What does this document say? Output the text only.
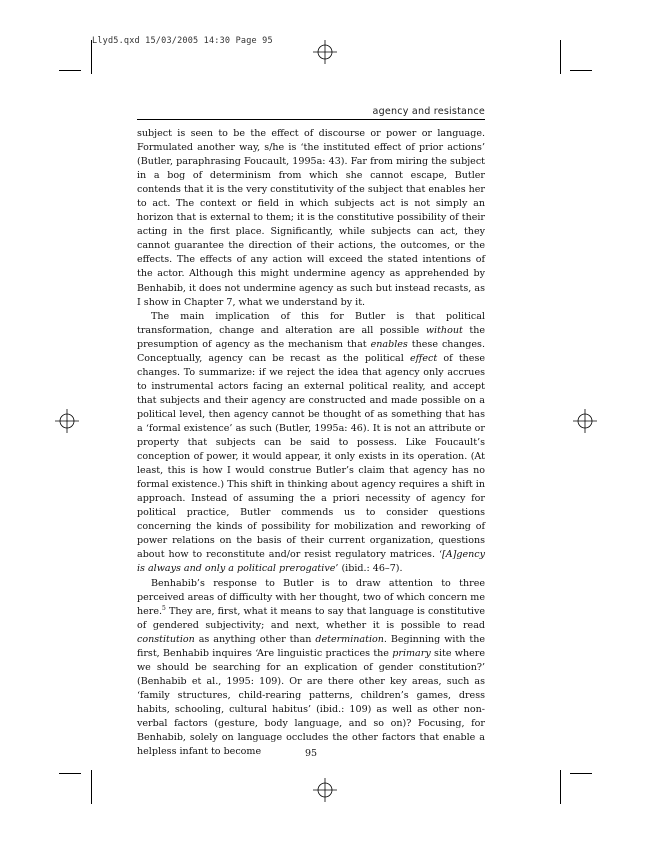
Llyd5.qxd 15/03/2005 14:30 Page 95
agency and resistance

subject is seen to be the effect of discourse or power or language. Formulated another way, s/he is ‘the instituted effect of prior actions’ (Butler, paraphrasing Foucault, 1995a: 43). Far from miring the subject in a bog of determinism from which she cannot escape, Butler contends that it is the very constitutivity of the subject that enables her to act. The context or field in which subjects act is not simply an horizon that is external to them; it is the constitutive possibility of their acting in the first place. Significantly, while subjects can act, they cannot guarantee the direction of their actions, the outcomes, or the effects. The effects of any action will exceed the stated intentions of the actor. Although this might undermine agency as apprehended by Benhabib, it does not undermine agency as such but instead recasts, as I show in Chapter 7, what we understand by it.

The main implication of this for Butler is that political transformation, change and alteration are all possible without the presumption of agency as the mechanism that enables these changes. Conceptually, agency can be recast as the political effect of these changes. To summarize: if we reject the idea that agency only accrues to instrumental actors facing an external political reality, and accept that subjects and their agency are constructed and made possible on a political level, then agency cannot be thought of as something that has a ‘formal existence’ as such (Butler, 1995a: 46). It is not an attribute or property that subjects can be said to possess. Like Foucault’s conception of power, it would appear, it only exists in its operation. (At least, this is how I would construe Butler’s claim that agency has no formal existence.) This shift in thinking about agency requires a shift in approach. Instead of assuming the a priori necessity of agency for political practice, Butler commends us to consider questions concerning the kinds of possibility for mobilization and reworking of power relations on the basis of their current organization, questions about how to reconstitute and/or resist regulatory matrices. ‘[A]gency is always and only a political prerogative’ (ibid.: 46–7).

Benhabib’s response to Butler is to draw attention to three perceived areas of difficulty with her thought, two of which concern me here.$^5$ They are, first, what it means to say that language is constitutive of gendered subjectivity; and next, whether it is possible to read constitution as anything other than determination. Beginning with the first, Benhabib inquires ‘Are linguistic practices the primary site where we should be searching for an explication of gender constitution?’ (Benhabib et al., 1995: 109). Or are there other key areas, such as ‘family structures, child-rearing patterns, children’s games, dress habits, schooling, cultural habitus’ (ibid.: 109) as well as other non-verbal factors (gesture, body language, and so on)? Focusing, for Benhabib, solely on language occludes the other factors that enable a helpless infant to become	95
